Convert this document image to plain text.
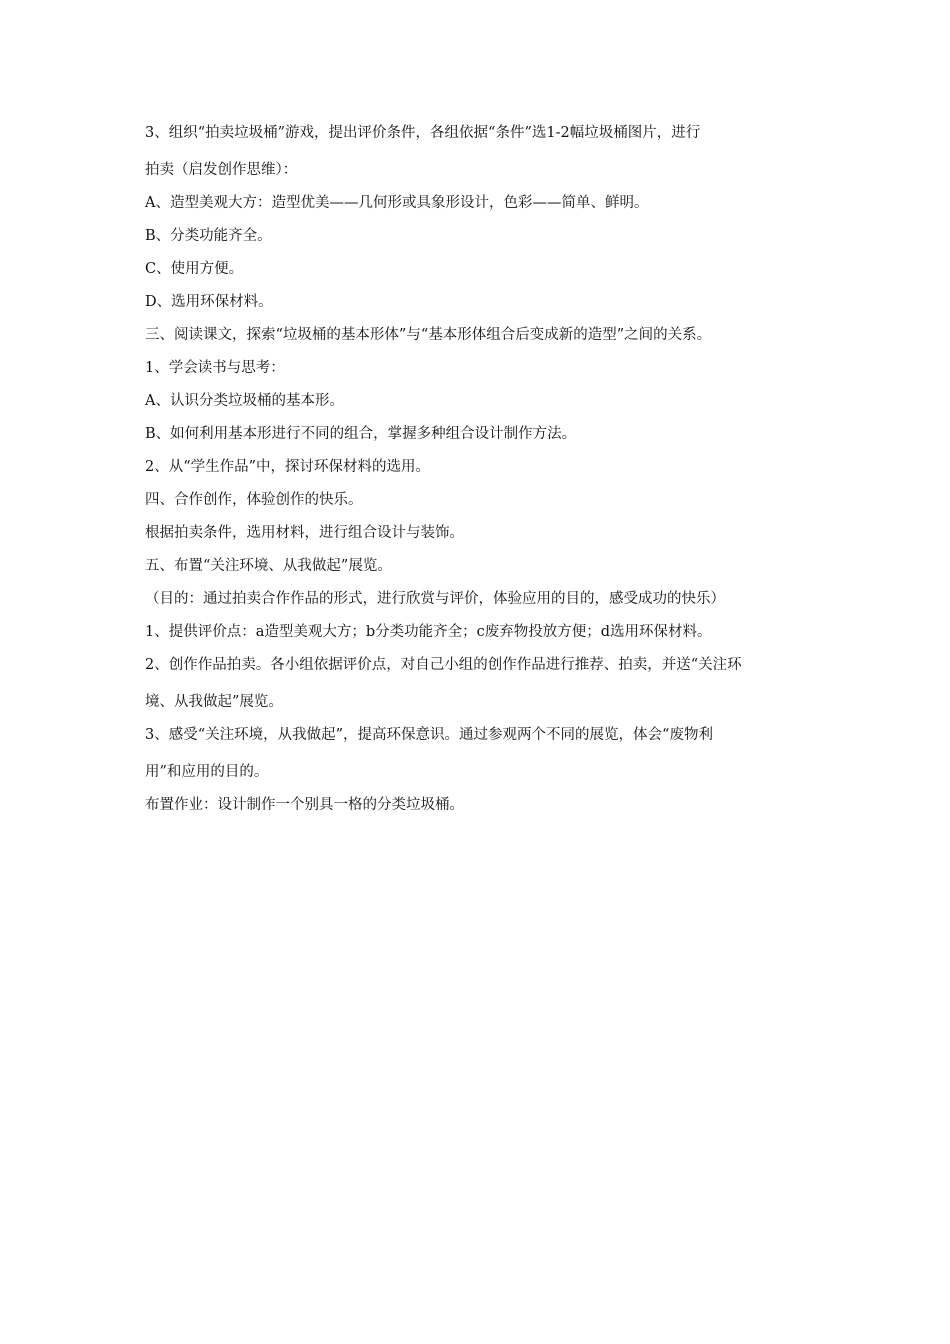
3、组织“拍卖垃圾桶”游戏，提出评价条件，各组依据“条件”选1-2幅垃圾桶图片，进行

拍卖（启发创作思维）：

A、造型美观大方：造型优美——几何形或具象形设计，色彩——简单、鲜明。

B、分类功能齐全。

C、使用方便。

D、选用环保材料。

三、阅读课文，探索“垃圾桶的基本形体”与“基本形体组合后变成新的造型”之间的关系。

1、学会读书与思考：

A、认识分类垃圾桶的基本形。

B、如何利用基本形进行不同的组合，掌握多种组合设计制作方法。

2、从“学生作品”中，探讨环保材料的选用。

四、合作创作，体验创作的快乐。

根据拍卖条件，选用材料，进行组合设计与装饰。

五、布置“关注环境、从我做起”展览。

（目的：通过拍卖合作作品的形式，进行欣赏与评价，体验应用的目的，感受成功的快乐）

1、提供评价点：a造型美观大方；b分类功能齐全；c废弃物投放方便；d选用环保材料。

2、创作作品拍卖。各小组依据评价点，对自己小组的创作作品进行推荐、拍卖，并送“关注环

境、从我做起”展览。

3、感受“关注环境，从我做起”，提高环保意识。通过参观两个不同的展览，体会“废物利

用”和应用的目的。

布置作业：设计制作一个别具一格的分类垃圾桶。
